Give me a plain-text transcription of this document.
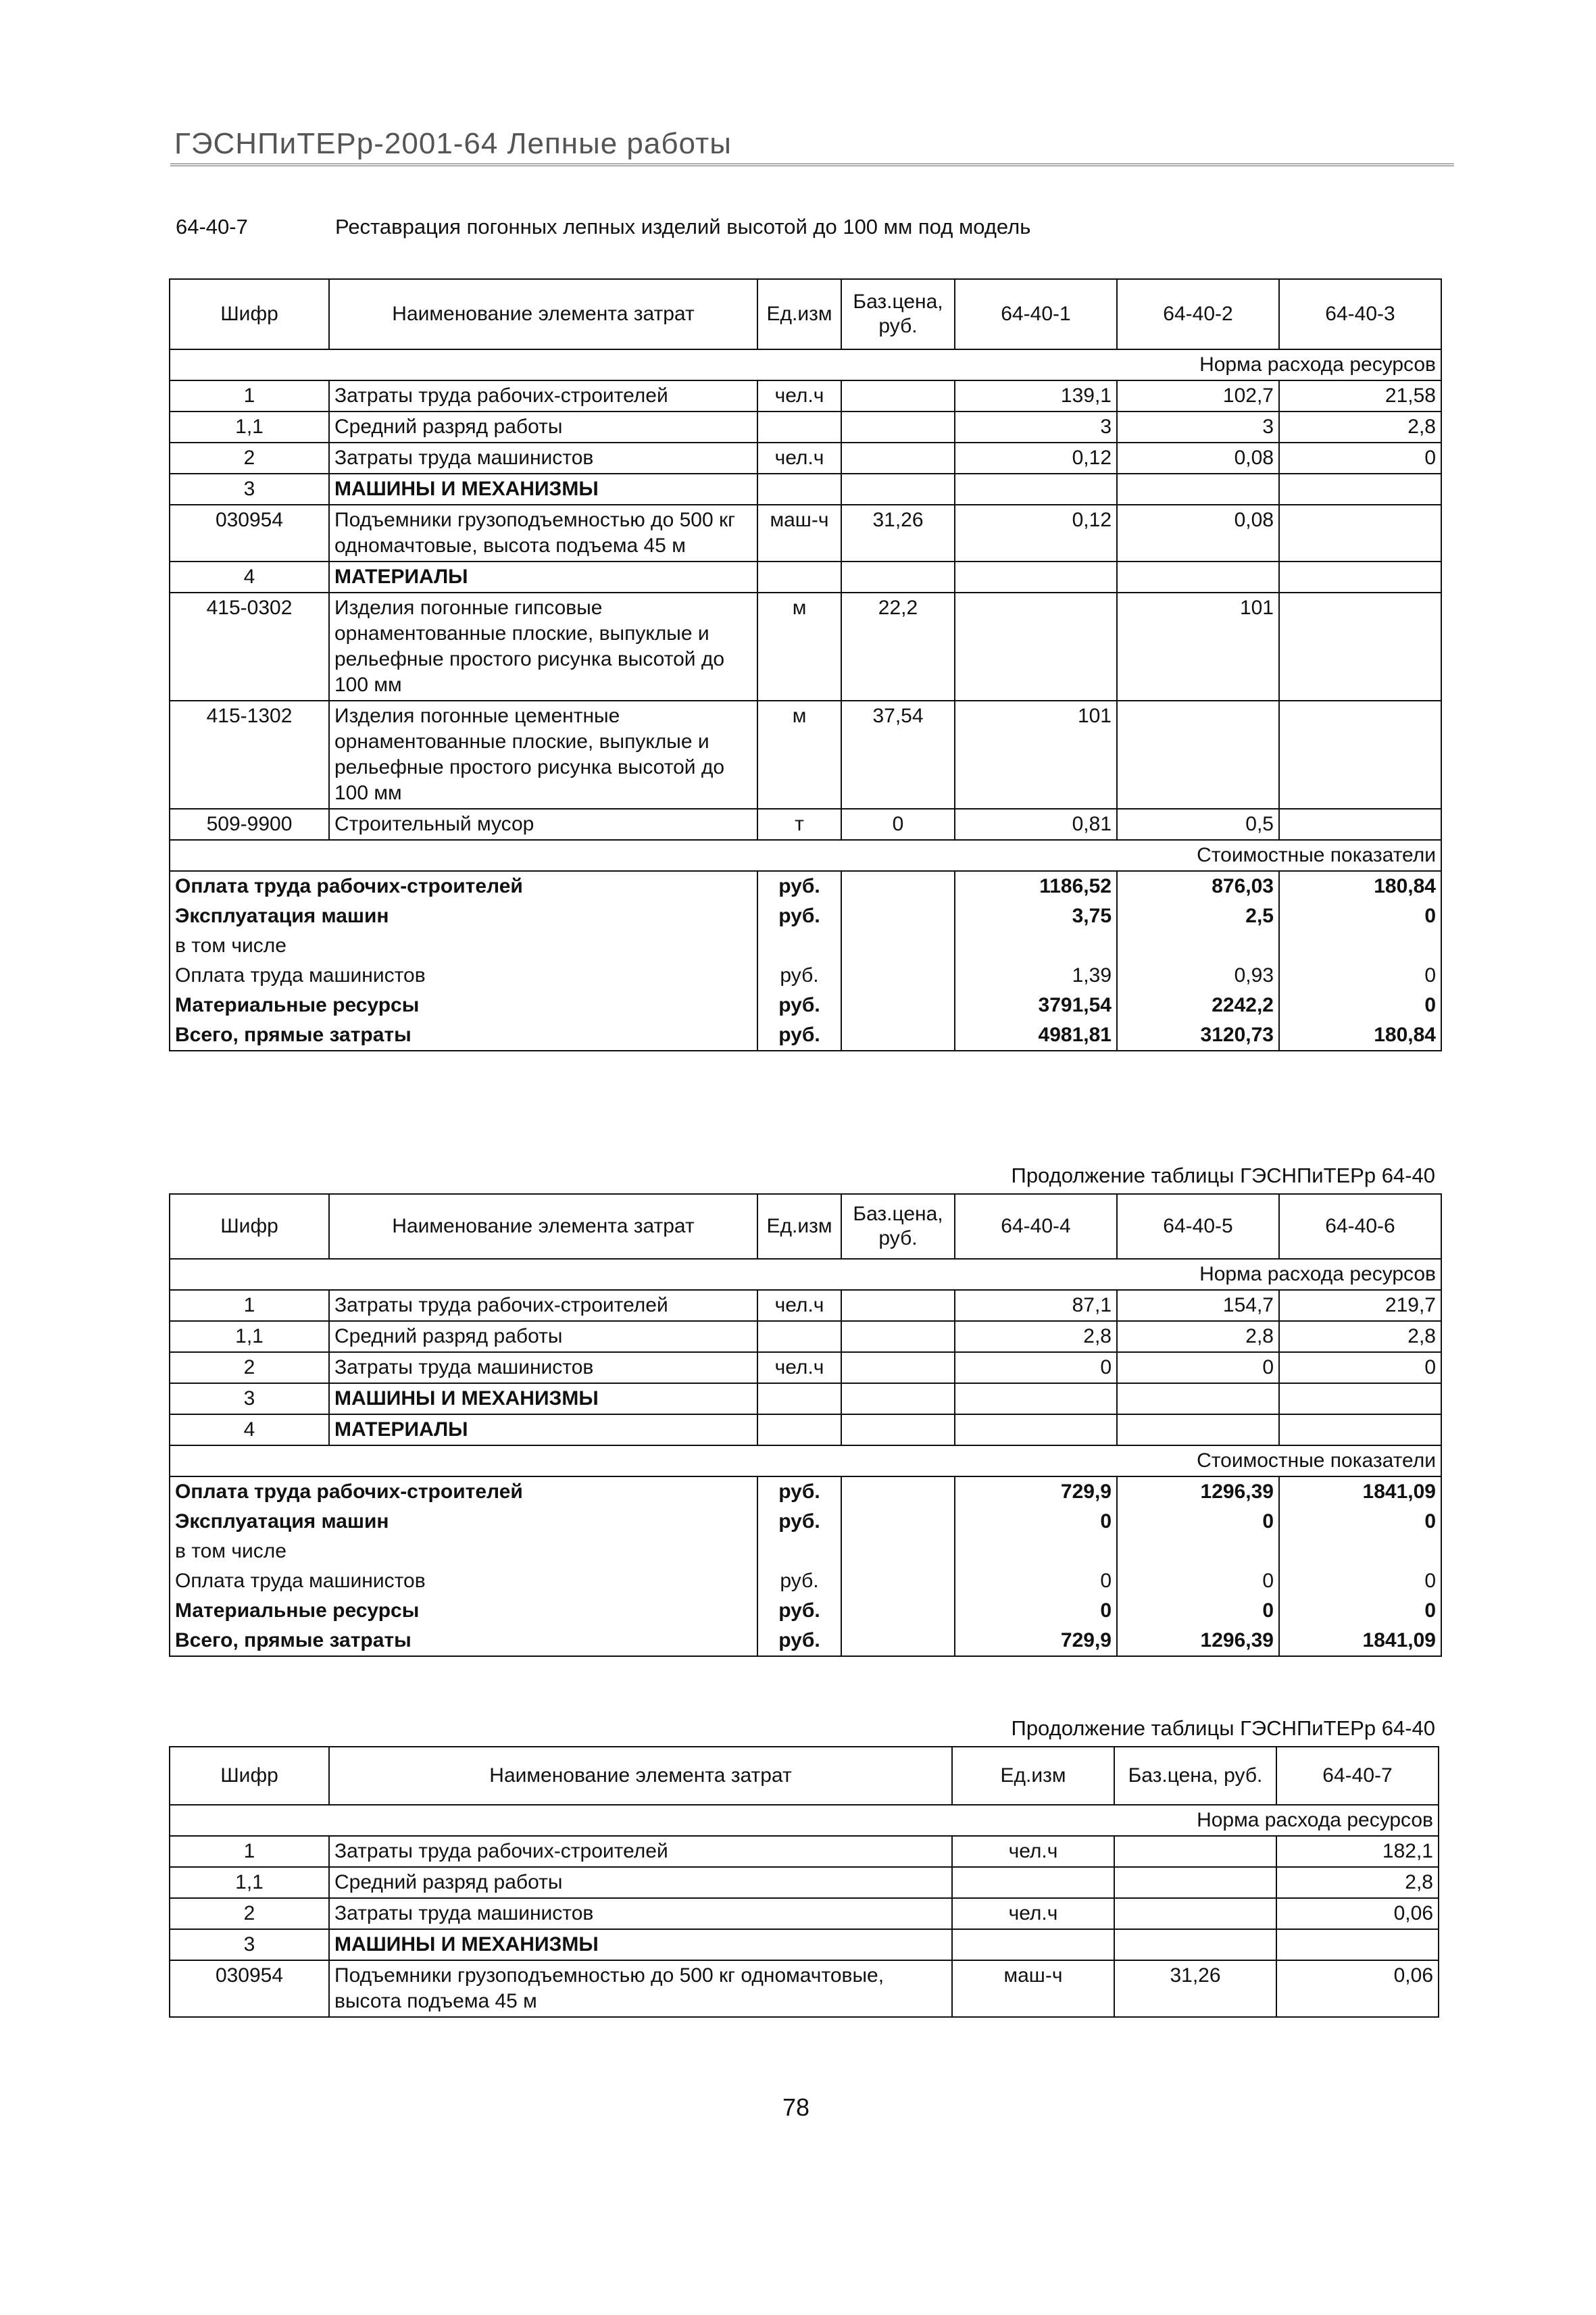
ГЭСНПиТЕРр-2001-64 Лепные работы
64-40-7	Реставрация погонных лепных изделий высотой до 100 мм под модель
Шифр	Наименование элемента затрат	Ед.изм	Баз.цена, руб.	64-40-1	64-40-2	64-40-3
Норма расхода ресурсов						
1	Затраты труда рабочих-строителей	чел.ч		139,1	102,7	21,58
1,1	Средний разряд работы			3	3	2,8
2	Затраты труда машинистов	чел.ч		0,12	0,08	0
3	МАШИНЫ И МЕХАНИЗМЫ					
030954	Подъемники грузоподъемностью до 500 кг одномачтовые, высота подъема 45 м	маш-ч	31,26	0,12	0,08	
4	МАТЕРИАЛЫ					
415-0302	Изделия погонные гипсовые орнаментованные плоские, выпуклые и рельефные простого рисунка высотой до 100 мм	м	22,2		101	
415-1302	Изделия погонные цементные орнаментованные плоские, выпуклые и рельефные простого рисунка высотой до 100 мм	м	37,54	101		
509-9900	Строительный мусор	т	0	0,81	0,5	
Стоимостные показатели						
Оплата труда рабочих-строителей		руб.		1186,52	876,03	180,84
Эксплуатация машин		руб.		3,75	2,5	0
в том числе						
Оплата труда машинистов		руб.		1,39	0,93	0
Материальные ресурсы		руб.		3791,54	2242,2	0
Всего, прямые затраты		руб.		4981,81	3120,73	180,84
Продолжение таблицы ГЭСНПиТЕРр 64-40
Шифр	Наименование элемента затрат	Ед.изм	Баз.цена, руб.	64-40-4	64-40-5	64-40-6
Норма расхода ресурсов						
1	Затраты труда рабочих-строителей	чел.ч		87,1	154,7	219,7
1,1	Средний разряд работы			2,8	2,8	2,8
2	Затраты труда машинистов	чел.ч		0	0	0
3	МАШИНЫ И МЕХАНИЗМЫ					
4	МАТЕРИАЛЫ					
Стоимостные показатели						
Оплата труда рабочих-строителей		руб.		729,9	1296,39	1841,09
Эксплуатация машин		руб.		0	0	0
в том числе						
Оплата труда машинистов		руб.		0	0	0
Материальные ресурсы		руб.		0	0	0
Всего, прямые затраты		руб.		729,9	1296,39	1841,09
Продолжение таблицы ГЭСНПиТЕРр 64-40
Шифр	Наименование элемента затрат	Ед.изм	Баз.цена, руб.	64-40-7
Норма расхода ресурсов				
1	Затраты труда рабочих-строителей	чел.ч		182,1
1,1	Средний разряд работы			2,8
2	Затраты труда машинистов	чел.ч		0,06
3	МАШИНЫ И МЕХАНИЗМЫ			
030954	Подъемники грузоподъемностью до 500 кг одномачтовые, высота подъема 45 м	маш-ч	31,26	0,06
78
